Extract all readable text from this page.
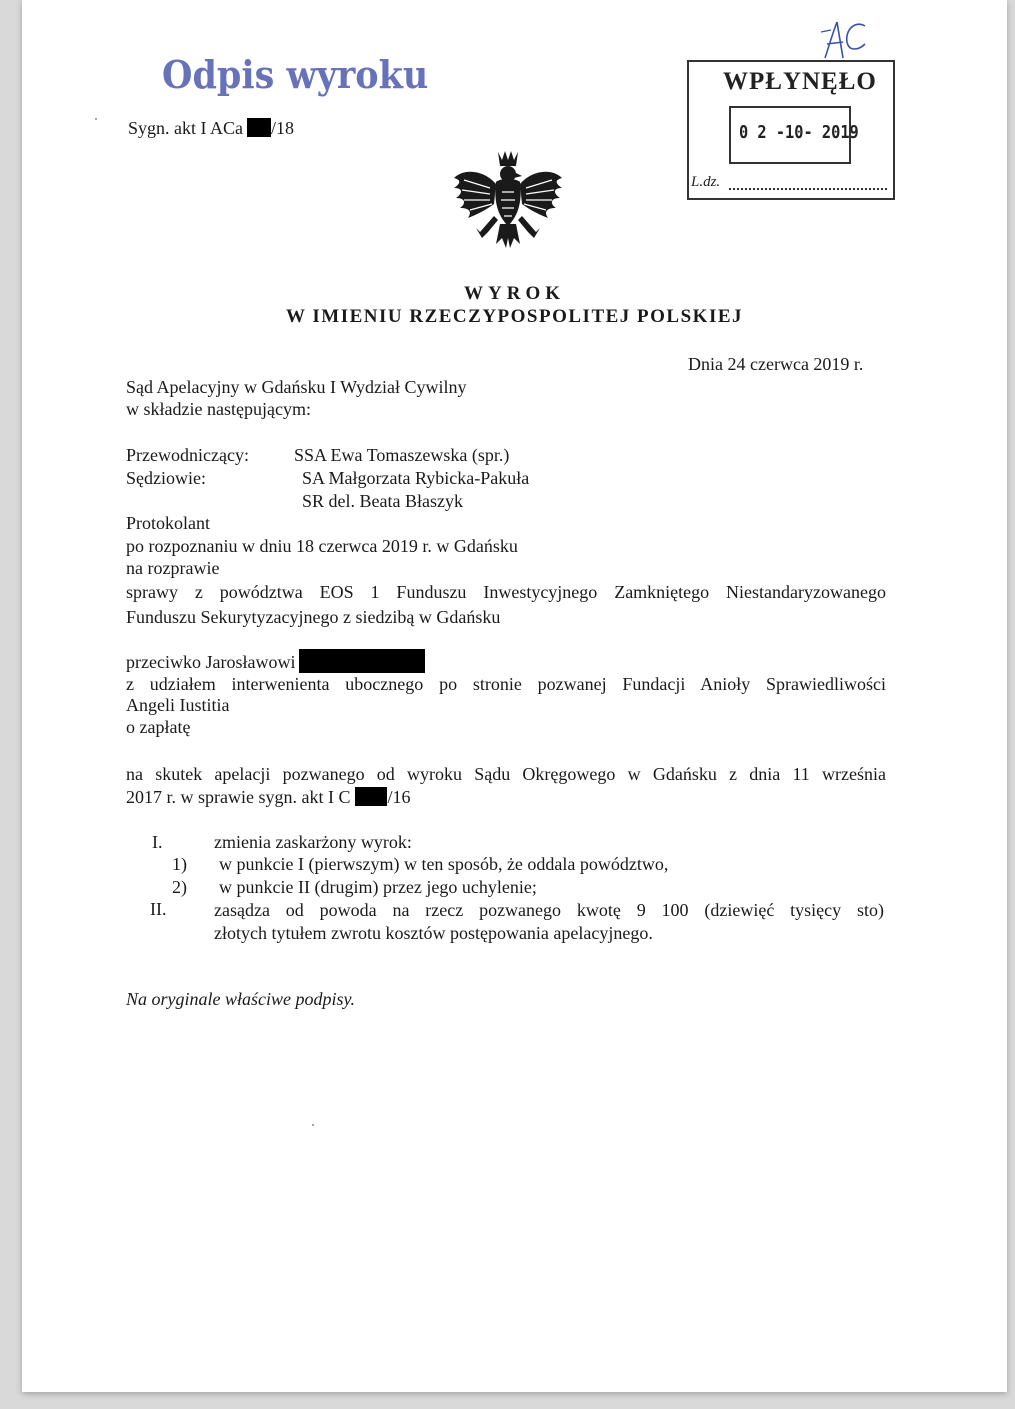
Odpis wyroku
Sygn. akt I ACa /18
WPŁYNĘŁO
0 2 -10- 2019
L.dz.
WYROK
W IMIENIU RZECZYPOSPOLITEJ POLSKIEJ
Dnia 24 czerwca 2019 r.
Sąd Apelacyjny w Gdańsku I Wydział Cywilny
w składzie następującym:
Przewodniczący:	SSA Ewa Tomaszewska (spr.)
Sędziowie:	SA Małgorzata Rybicka-Pakuła
SR del. Beata Błaszyk
Protokolant
po rozpoznaniu w dniu 18 czerwca 2019 r. w Gdańsku
na rozprawie
sprawy z powództwa EOS 1 Funduszu Inwestycyjnego Zamkniętego Niestandaryzowanego
Funduszu Sekurytyzacyjnego z siedzibą w Gdańsku
przeciwko Jarosławowi
z udziałem interwenienta ubocznego po stronie pozwanej Fundacji Anioły Sprawiedliwości
Angeli Iustitia
o zapłatę
na skutek apelacji pozwanego od wyroku Sądu Okręgowego w Gdańsku z dnia 11 września
2017 r. w sprawie sygn. akt I C /16
I.	zmienia zaskarżony wyrok:
1) w punkcie I (pierwszym) w ten sposób, że oddala powództwo,
2) w punkcie II (drugim) przez jego uchylenie;
II.	zasądza od powoda na rzecz pozwanego kwotę 9 100 (dziewięć tysięcy sto)
złotych tytułem zwrotu kosztów postępowania apelacyjnego.
Na oryginale właściwe podpisy.
